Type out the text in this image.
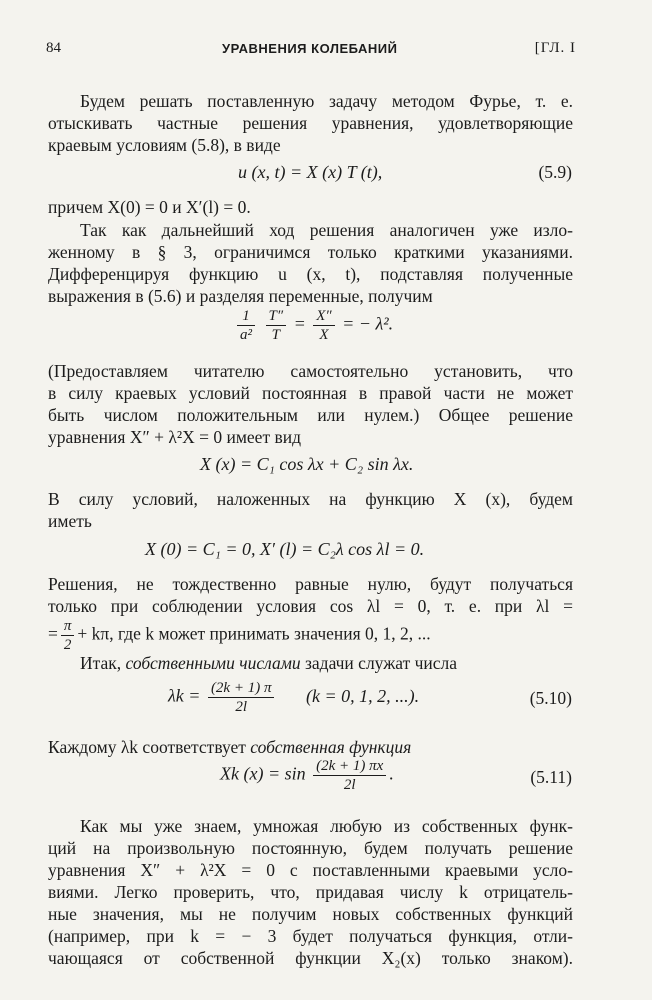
84	УРАВНЕНИЯ КОЛЕБАНИЙ	[ГЛ. I
Будем решать поставленную задачу методом Фурье, т. е.
отыскивать частные решения уравнения, удовлетворяющие
краевым условиям (5.8), в виде
u (x, t) = X (x) T (t),	(5.9)
причем X(0) = 0 и X′(l) = 0.
Так как дальнейший ход решения аналогичен уже изло-
женному в § 3, ограничимся только краткими указаниями.
Дифференцируя функцию u (x, t), подставляя полученные
выражения в (5.6) и разделяя переменные, получим
$\frac{1}{\text{a²}}$
$\frac{T''}{T} = \frac{X''}{X}$ = − λ².
(Предоставляем читателю самостоятельно установить, что
в силу краевых условий постоянная в правой части не может
быть числом положительным или нулем.) Общее решение
уравнения X″ + λ²X = 0 имеет вид
X (x) = C₁ cos λx + C₂ sin λx.
В силу условий, наложенных на функцию X (x), будем
иметь
X (0) = C₁ = 0, X′ (l) = C₂λ cos λl = 0.
Решения, не тождественно равные нулю, будут получаться
только при соблюдении условия cos λl = 0, т. е. при λl =
= $\frac{\pi}{2} + k\pi$, где k может принимать значения 0, 1, 2, ...
Итак, собственными числами задачи служат числа
$\lambda k = \frac{(2k + 1) \pi}{2l} (k = 0$, 1, 2, ...).	(5.10)
Каждому λk соответствует собственная функция
Xk $(x) = \sin \frac{(2k + 1) \pi x}{2l}$ .	(5.11)
Как мы уже знаем, умножая любую из собственных функ-
ций на произвольную постоянную, будем получать решение
уравнения X″ + λ²X = 0 с поставленными краевыми усло-
виями. Легко проверить, что, придавая числу k отрицатель-
ные значения, мы не получим новых собственных функций
(например, при k = − 3 будет получаться функция, отли-
чающаяся от собственной функции X₂(x) только знаком).
